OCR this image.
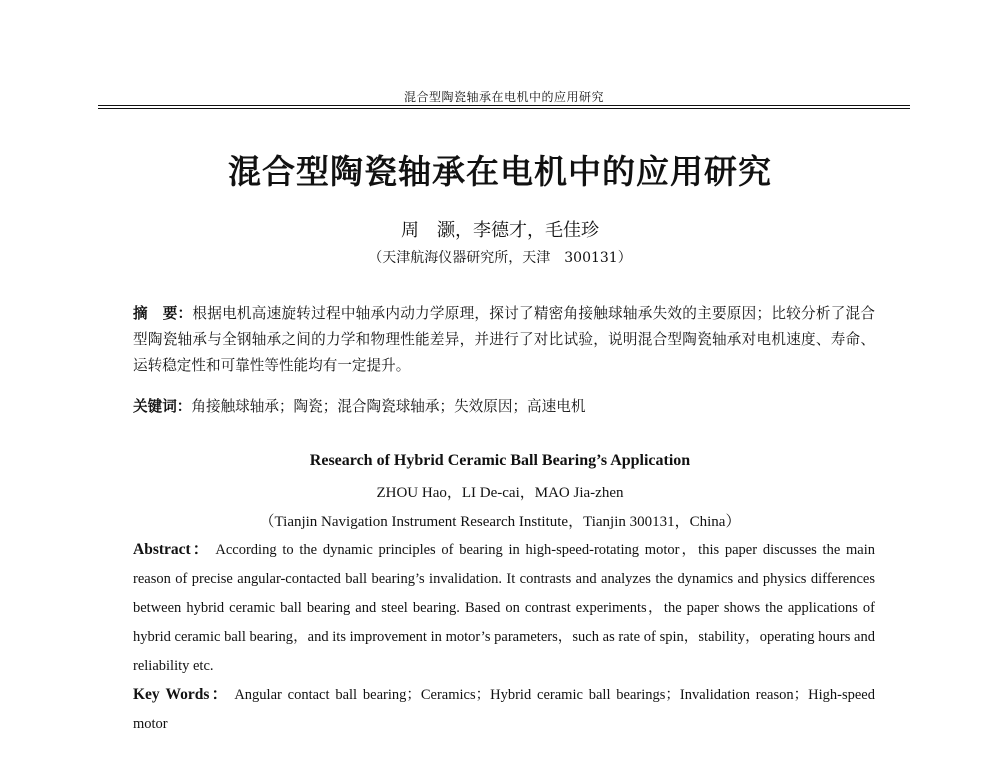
混合型陶瓷轴承在电机中的应用研究
混合型陶瓷轴承在电机中的应用研究
周　灏，李德才，毛佳珍
（天津航海仪器研究所，天津　300131）
摘　要：根据电机高速旋转过程中轴承内动力学原理，探讨了精密角接触球轴承失效的主要原因；比较分析了混合型陶瓷轴承与全钢轴承之间的力学和物理性能差异，并进行了对比试验，说明混合型陶瓷轴承对电机速度、寿命、运转稳定性和可靠性等性能均有一定提升。
关键词：角接触球轴承；陶瓷；混合陶瓷球轴承；失效原因；高速电机
Research of Hybrid Ceramic Ball Bearing’s Application
ZHOU Hao，LI De-cai，MAO Jia-zhen
（Tianjin Navigation Instrument Research Institute，Tianjin 300131，China）
Abstract： According to the dynamic principles of bearing in high-speed-rotating motor，this paper discusses the main reason of precise angular-contacted ball bearing’s invalidation. It contrasts and analyzes the dynamics and physics differences between hybrid ceramic ball bearing and steel bearing. Based on contrast experiments，the paper shows the applications of hybrid ceramic ball bearing，and its improvement in motor’s parameters，such as rate of spin，stability，operating hours and reliability etc.
Key Words： Angular contact ball bearing；Ceramics；Hybrid ceramic ball bearings；Invalidation reason；High-speed motor
